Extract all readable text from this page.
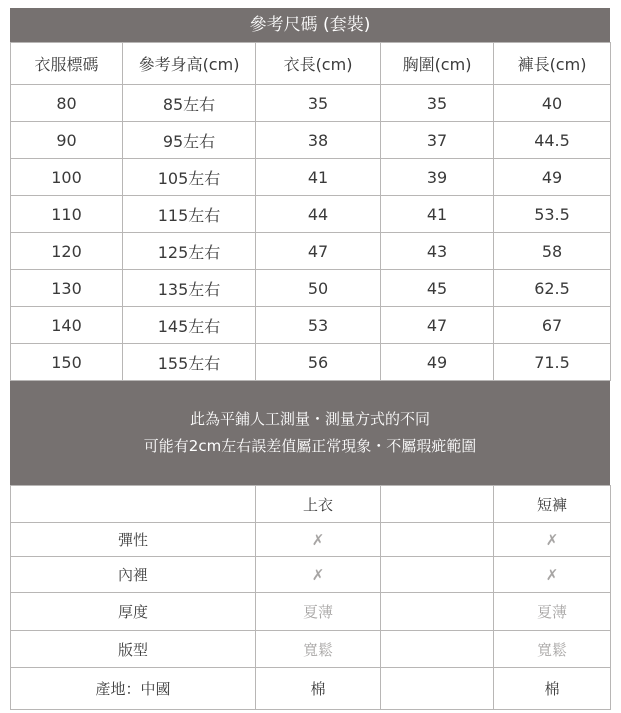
參考尺碼 (套裝)
衣服標碼	參考身高(cm)	衣長(cm)	胸圍(cm)	褲長(cm)
80	85左右	35	35	40
90	95左右	38	37	44.5
100	105左右	41	39	49
110	115左右	44	41	53.5
120	125左右	47	43	58
130	135左右	50	45	62.5
140	145左右	53	47	67
150	155左右	56	49	71.5
此為平鋪人工測量・測量方式的不同
可能有2cm左右誤差值屬正常現象・不屬瑕疵範圍
	上衣		短褲
彈性	✗		✗
內裡	✗		✗
厚度	夏薄		夏薄
版型	寬鬆		寬鬆
產地：中國	棉		棉
